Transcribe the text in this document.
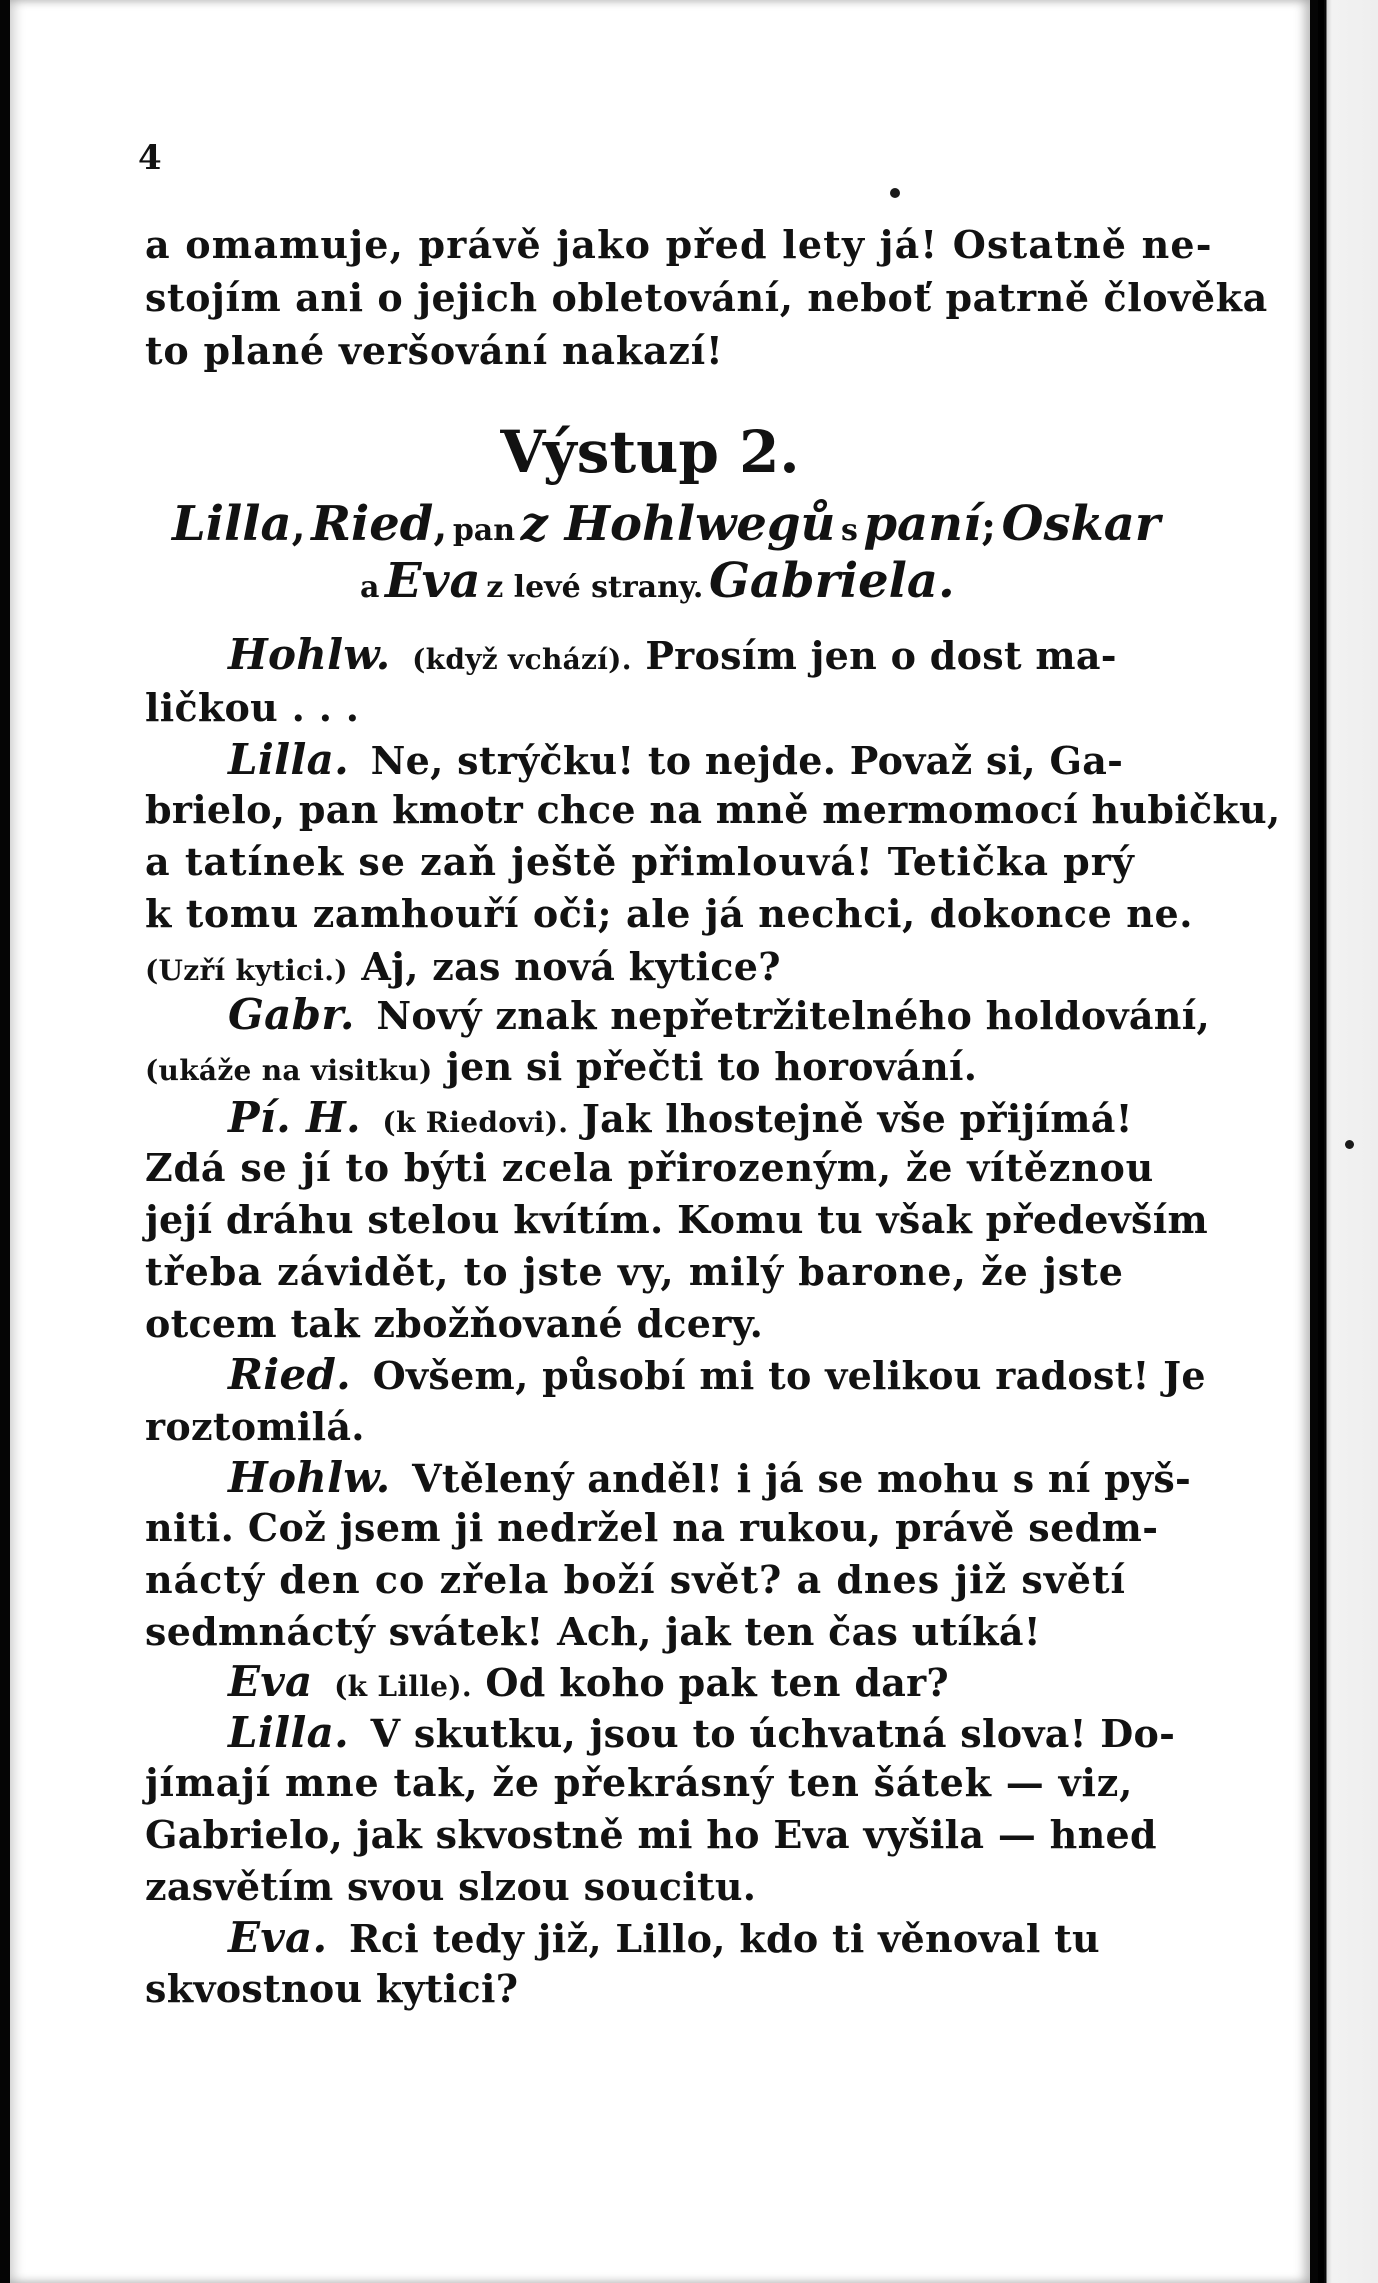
4

a omamuje, právě jako před lety já! Ostatně ne-

stojím ani o jejich obletování, neboť patrně člověka

to plané veršování nakazí!

Výstup 2.

Lilla, Ried, pan z Hohlwegů s paní; Oskar

a Eva z levé strany. Gabriela.

Hohlw. (když vchází). Prosím jen o dost ma-

ličkou . . .

Lilla. Ne, strýčku! to nejde. Považ si, Ga-

brielo, pan kmotr chce na mně mermomocí hubičku,

a tatínek se zaň ještě přimlouvá! Tetička prý

k tomu zamhouří oči; ale já nechci, dokonce ne.

(Uzří kytici.) Aj, zas nová kytice?

Gabr. Nový znak nepřetržitelného holdování,

(ukáže na visitku) jen si přečti to horování.

Pí. H. (k Riedovi). Jak lhostejně vše přijímá!

Zdá se jí to býti zcela přirozeným, že vítěznou

její dráhu stelou kvítím. Komu tu však především

třeba závidět, to jste vy, milý barone, že jste

otcem tak zbožňované dcery.

Ried. Ovšem, působí mi to velikou radost! Je

roztomilá.

Hohlw. Vtělený anděl! i já se mohu s ní pyš-

niti. Což jsem ji nedržel na rukou, právě sedm-

náctý den co zřela boží svět? a dnes již světí

sedmnáctý svátek! Ach, jak ten čas utíká!

Eva (k Lille). Od koho pak ten dar?

Lilla. V skutku, jsou to úchvatná slova! Do-

jímají mne tak, že překrásný ten šátek — viz,

Gabrielo, jak skvostně mi ho Eva vyšila — hned

zasvětím svou slzou soucitu.

Eva. Rci tedy již, Lillo, kdo ti věnoval tu

skvostnou kytici?
